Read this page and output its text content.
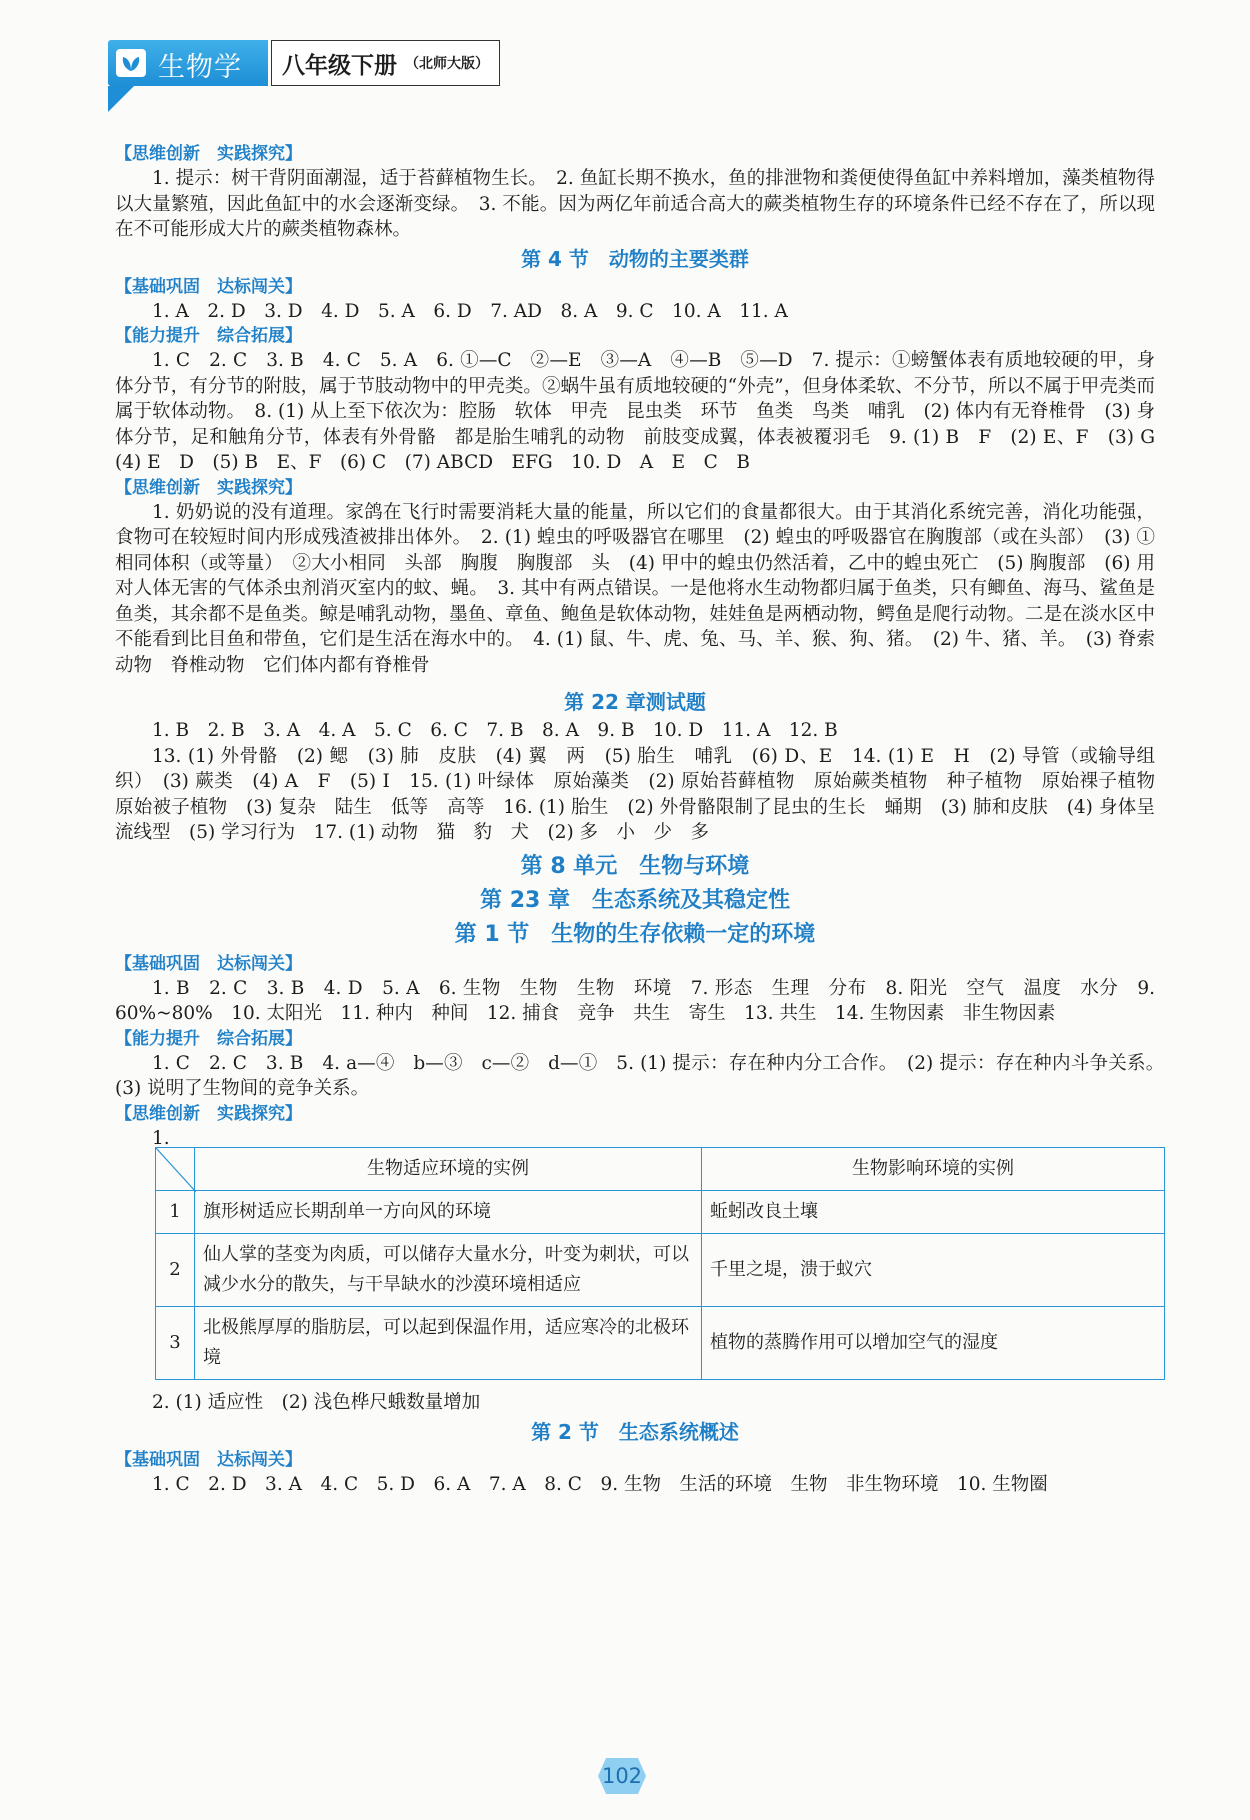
生物学 八年级下册 （北师大版）
【思维创新　实践探究】
1. 提示：树干背阴面潮湿，适于苔藓植物生长。　2. 鱼缸长期不换水，鱼的排泄物和粪便使得鱼缸中养料增加，藻类植物得以大量繁殖，因此鱼缸中的水会逐渐变绿。　3. 不能。因为两亿年前适合高大的蕨类植物生存的环境条件已经不存在了，所以现在不可能形成大片的蕨类植物森林。
第 4 节　动物的主要类群
【基础巩固　达标闯关】
1. A　2. D　3. D　4. D　5. A　6. D　7. AD　8. A　9. C　10. A　11. A
【能力提升　综合拓展】
1. C　2. C　3. B　4. C　5. A　6. ①—C　②—E　③—A　④—B　⑤—D　7. 提示：①螃蟹体表有质地较硬的甲，身体分节，有分节的附肢，属于节肢动物中的甲壳类。②蜗牛虽有质地较硬的“外壳”，但身体柔软、不分节，所以不属于甲壳类而属于软体动物。　8. (1) 从上至下依次为：腔肠　软体　甲壳　昆虫类　环节　鱼类　鸟类　哺乳　(2) 体内有无脊椎骨　(3) 身体分节，足和触角分节，体表有外骨骼　都是胎生哺乳的动物　前肢变成翼，体表被覆羽毛　9. (1) B　F　(2) E、F　(3) G　(4) E　D　(5) B　E、F　(6) C　(7) ABCD　EFG　10. D　A　E　C　B
【思维创新　实践探究】
1. 奶奶说的没有道理。家鸽在飞行时需要消耗大量的能量，所以它们的食量都很大。由于其消化系统完善，消化功能强，食物可在较短时间内形成残渣被排出体外。　2. (1) 蝗虫的呼吸器官在哪里　(2) 蝗虫的呼吸器官在胸腹部（或在头部）　(3) ①相同体积（或等量）　②大小相同　头部　胸腹　胸腹部　头　(4) 甲中的蝗虫仍然活着，乙中的蝗虫死亡　(5) 胸腹部　(6) 用对人体无害的气体杀虫剂消灭室内的蚊、蝇。　3. 其中有两点错误。一是他将水生动物都归属于鱼类，只有鲫鱼、海马、鲨鱼是鱼类，其余都不是鱼类。鲸是哺乳动物，墨鱼、章鱼、鲍鱼是软体动物，娃娃鱼是两栖动物，鳄鱼是爬行动物。二是在淡水区中不能看到比目鱼和带鱼，它们是生活在海水中的。　4. (1) 鼠、牛、虎、兔、马、羊、猴、狗、猪。　(2) 牛、猪、羊。　(3) 脊索动物　脊椎动物　它们体内都有脊椎骨
第 22 章测试题
1. B　2. B　3. A　4. A　5. C　6. C　7. B　8. A　9. B　10. D　11. A　12. B
13. (1) 外骨骼　(2) 鳃　(3) 肺　皮肤　(4) 翼　两　(5) 胎生　哺乳　(6) D、E　14. (1) E　H　(2) 导管（或输导组织）　(3) 蕨类　(4) A　F　(5) I　15. (1) 叶绿体　原始藻类　(2) 原始苔藓植物　原始蕨类植物　种子植物　原始裸子植物　原始被子植物　(3) 复杂　陆生　低等　高等　16. (1) 胎生　(2) 外骨骼限制了昆虫的生长　蛹期　(3) 肺和皮肤　(4) 身体呈流线型　(5) 学习行为　17. (1) 动物　猫　豹　犬　(2) 多　小　少　多
第 8 单元　生物与环境
第 23 章　生态系统及其稳定性
第 1 节　生物的生存依赖一定的环境
【基础巩固　达标闯关】
1. B　2. C　3. B　4. D　5. A　6. 生物　生物　生物　环境　7. 形态　生理　分布　8. 阳光　空气　温度　水分　9. 60%~80%　10. 太阳光　11. 种内　种间　12. 捕食　竞争　共生　寄生　13. 共生　14. 生物因素　非生物因素
【能力提升　综合拓展】
1. C　2. C　3. B　4. a—④　b—③　c—②　d—①　5. (1) 提示：存在种内分工合作。　(2) 提示：存在种内斗争关系。　(3) 说明了生物间的竞争关系。
【思维创新　实践探究】
1.
	生物适应环境的实例	生物影响环境的实例
1	旗形树适应长期刮单一方向风的环境	蚯蚓改良土壤
2	仙人掌的茎变为肉质，可以储存大量水分，叶变为刺状，可以减少水分的散失，与干旱缺水的沙漠环境相适应	千里之堤，溃于蚁穴
3	北极熊厚厚的脂肪层，可以起到保温作用，适应寒冷的北极环境	植物的蒸腾作用可以增加空气的湿度
2. (1) 适应性　(2) 浅色桦尺蛾数量增加
第 2 节　生态系统概述
【基础巩固　达标闯关】
1. C　2. D　3. A　4. C　5. D　6. A　7. A　8. C　9. 生物　生活的环境　生物　非生物环境　10. 生物圈
102
